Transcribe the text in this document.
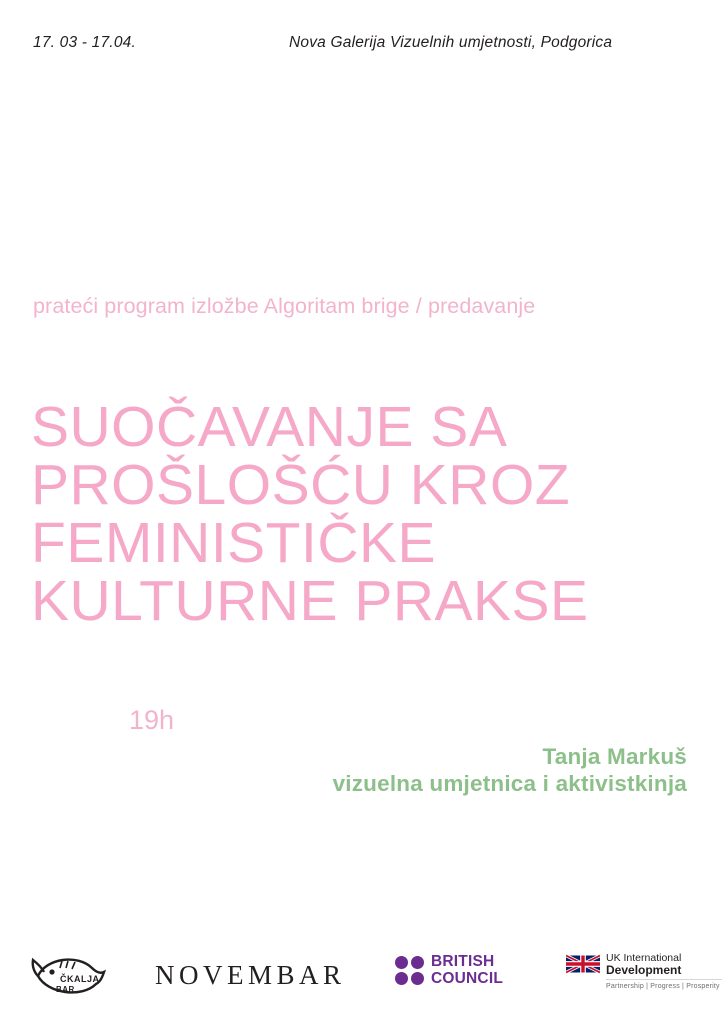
17. 03 - 17.04.	Nova Galerija Vizuelnih umjetnosti, Podgorica
prateći program izložbe Algoritam brige / predavanje
SUOČAVANJE SA
PROŠLOŠĆU KROZ
FEMINISTIČKE
KULTURNE PRAKSE
19h
Tanja Markuš
vizuelna umjetnica i aktivistkinja
ČKALJA
BAR	NOVEMBAR	BRITISH
COUNCIL
UK International
Development
Partnership | Progress | Prosperity
